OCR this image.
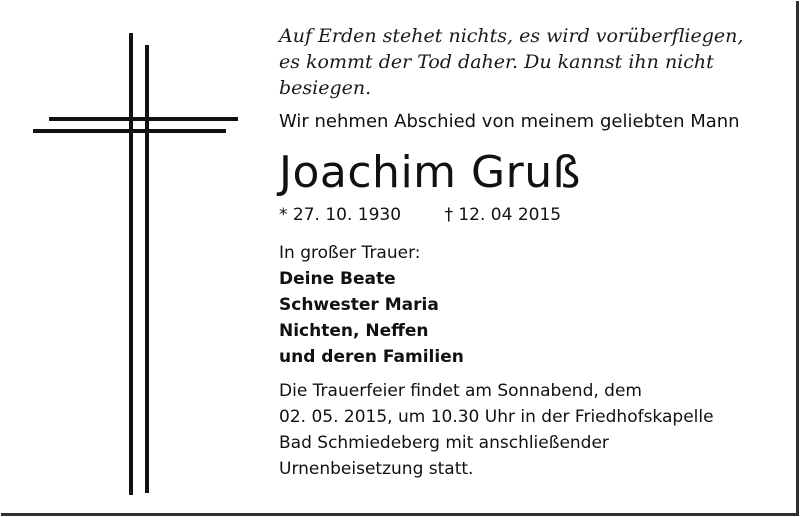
Auf Erden stehet nichts, es wird vorüberfliegen,
es kommt der Tod daher. Du kannst ihn nicht
besiegen.
Wir nehmen Abschied von meinem geliebten Mann
Joachim Gruß
* 27. 10. 1930	† 12. 04 2015
In großer Trauer:
Deine Beate
Schwester Maria
Nichten, Neffen
und deren Familien
Die Trauerfeier findet am Sonnabend, dem
02. 05. 2015, um 10.30 Uhr in der Friedhofskapelle
Bad Schmiedeberg mit anschließender
Urnenbeisetzung statt.
